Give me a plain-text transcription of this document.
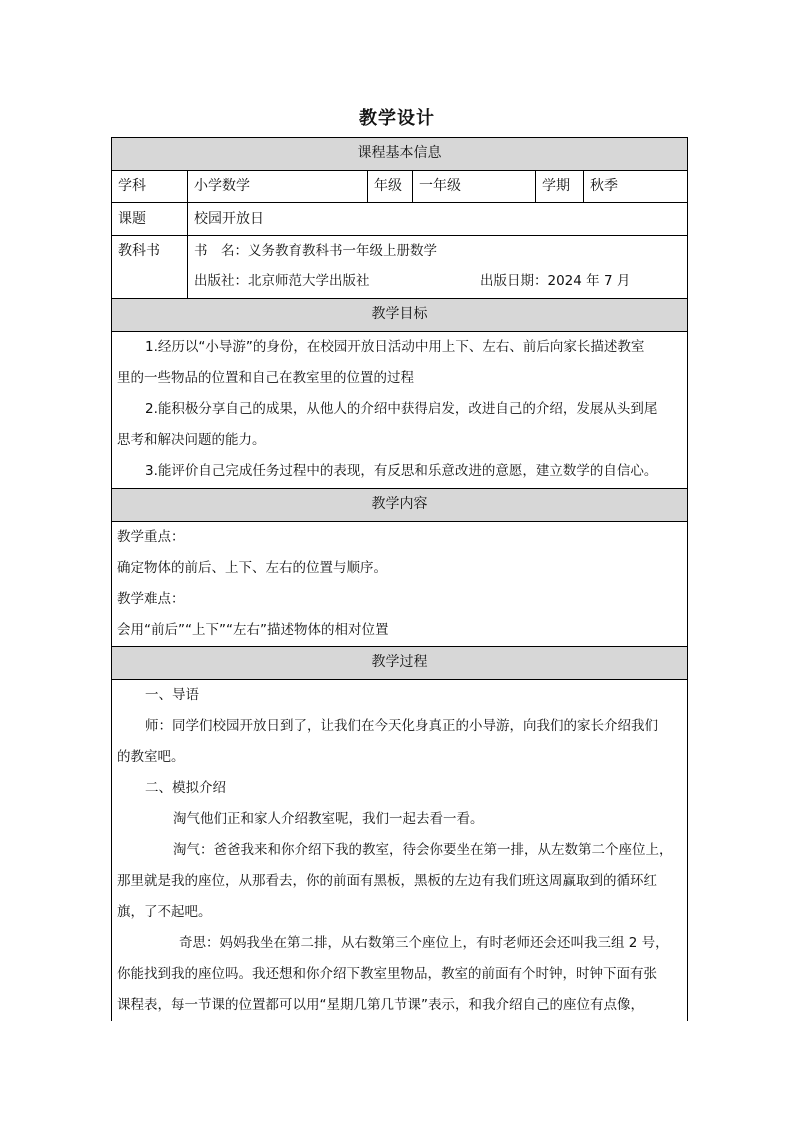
教学设计
课程基本信息
学科	小学数学	年级	一年级	学期	秋季
课题	校园开放日
教科书	书　名：义务教育教科书一年级上册数学
出版社：北京师范大学出版社	出版日期：2024 年 7 月
教学目标
1.经历以“小导游”的身份，在校园开放日活动中用上下、左右、前后向家长描述教室
里的一些物品的位置和自己在教室里的位置的过程
2.能积极分享自己的成果，从他人的介绍中获得启发，改进自己的介绍，发展从头到尾
思考和解决问题的能力。
3.能评价自己完成任务过程中的表现，有反思和乐意改进的意愿，建立数学的自信心。
教学内容
教学重点：
确定物体的前后、上下、左右的位置与顺序。
教学难点：
会用“前后”“上下”“左右”描述物体的相对位置
教学过程
一、导语
师：同学们校园开放日到了，让我们在今天化身真正的小导游，向我们的家长介绍我们
的教室吧。
二、模拟介绍
淘气他们正和家人介绍教室呢，我们一起去看一看。
淘气：爸爸我来和你介绍下我的教室，待会你要坐在第一排，从左数第二个座位上，
那里就是我的座位，从那看去，你的前面有黑板，黑板的左边有我们班这周赢取到的循环红
旗，了不起吧。
奇思：妈妈我坐在第二排，从右数第三个座位上，有时老师还会还叫我三组 2 号，
你能找到我的座位吗。我还想和你介绍下教室里物品，教室的前面有个时钟，时钟下面有张
课程表，每一节课的位置都可以用“星期几第几节课”表示，和我介绍自己的座位有点像，
